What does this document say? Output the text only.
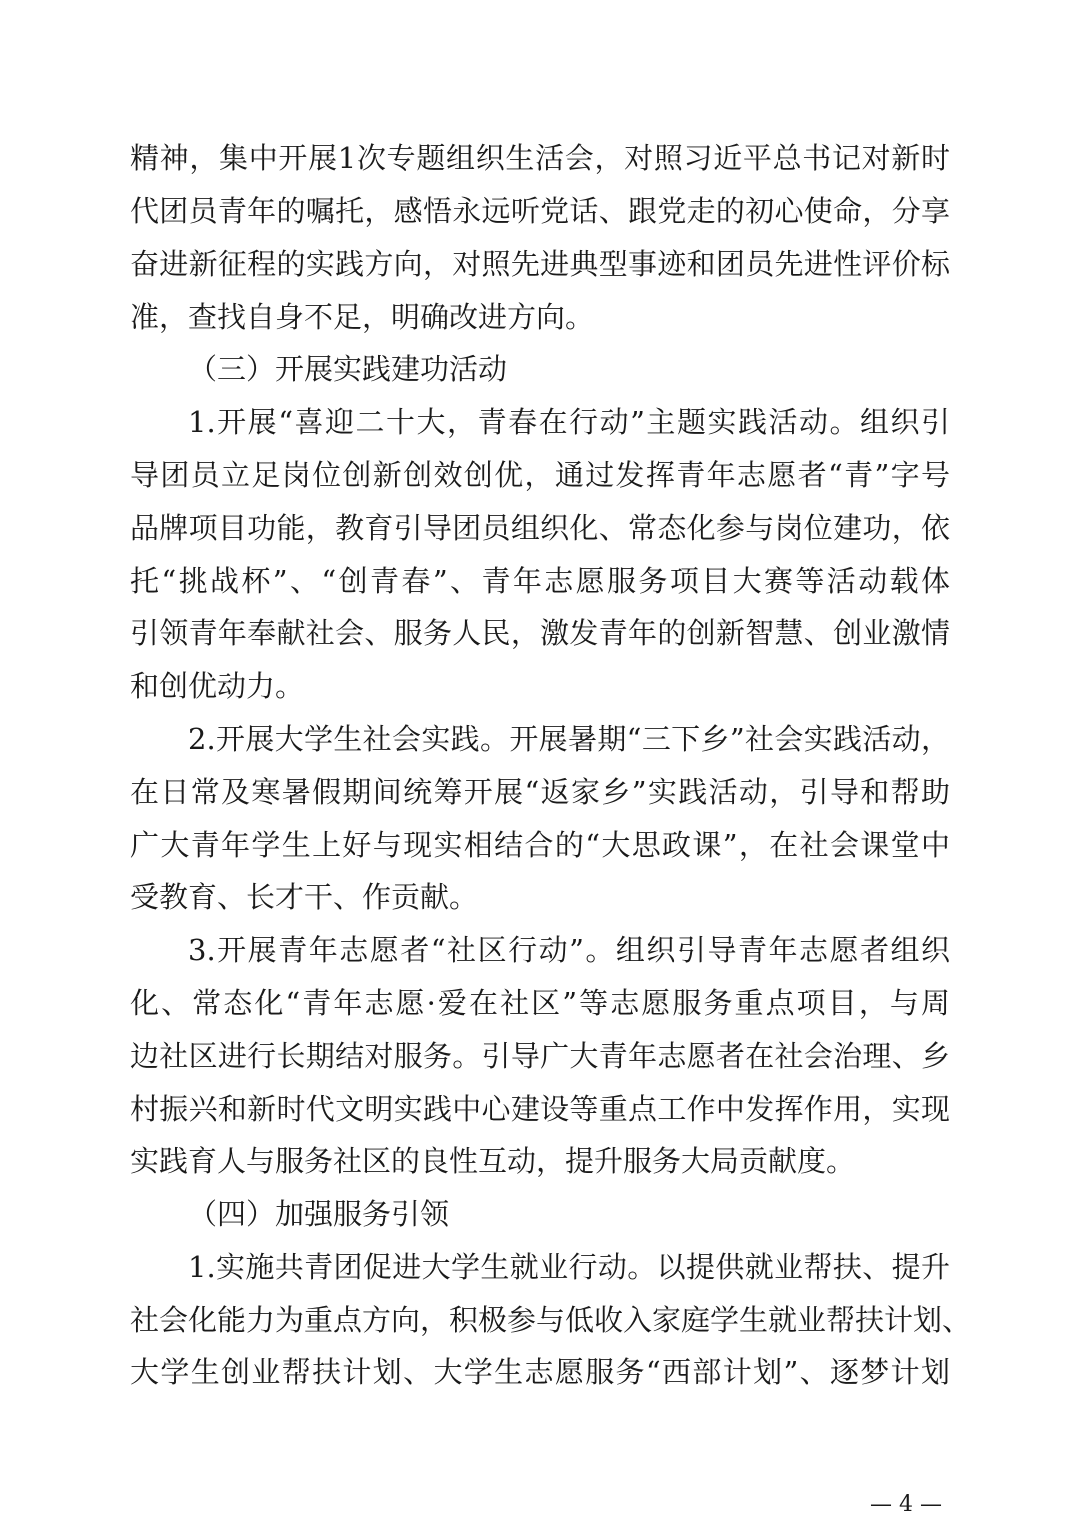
精神，集中开展1次专题组织生活会，对照习近平总书记对新时
代团员青年的嘱托，感悟永远听党话、跟党走的初心使命，分享
奋进新征程的实践方向，对照先进典型事迹和团员先进性评价标
准，查找自身不足，明确改进方向。
（三）开展实践建功活动
1.开展“喜迎二十大，青春在行动”主题实践活动。组织引
导团员立足岗位创新创效创优，通过发挥青年志愿者“青”字号
品牌项目功能，教育引导团员组织化、常态化参与岗位建功，依
托“挑战杯”、“创青春”、青年志愿服务项目大赛等活动载体
引领青年奉献社会、服务人民，激发青年的创新智慧、创业激情
和创优动力。
2.开展大学生社会实践。开展暑期“三下乡”社会实践活动，
在日常及寒暑假期间统筹开展“返家乡”实践活动，引导和帮助
广大青年学生上好与现实相结合的“大思政课”，在社会课堂中
受教育、长才干、作贡献。
3.开展青年志愿者“社区行动”。组织引导青年志愿者组织
化、常态化“青年志愿·爱在社区”等志愿服务重点项目，与周
边社区进行长期结对服务。引导广大青年志愿者在社会治理、乡
村振兴和新时代文明实践中心建设等重点工作中发挥作用，实现
实践育人与服务社区的良性互动，提升服务大局贡献度。
（四）加强服务引领
1.实施共青团促进大学生就业行动。以提供就业帮扶、提升
社会化能力为重点方向，积极参与低收入家庭学生就业帮扶计划、
大学生创业帮扶计划、大学生志愿服务“西部计划”、逐梦计划
— 4 —
